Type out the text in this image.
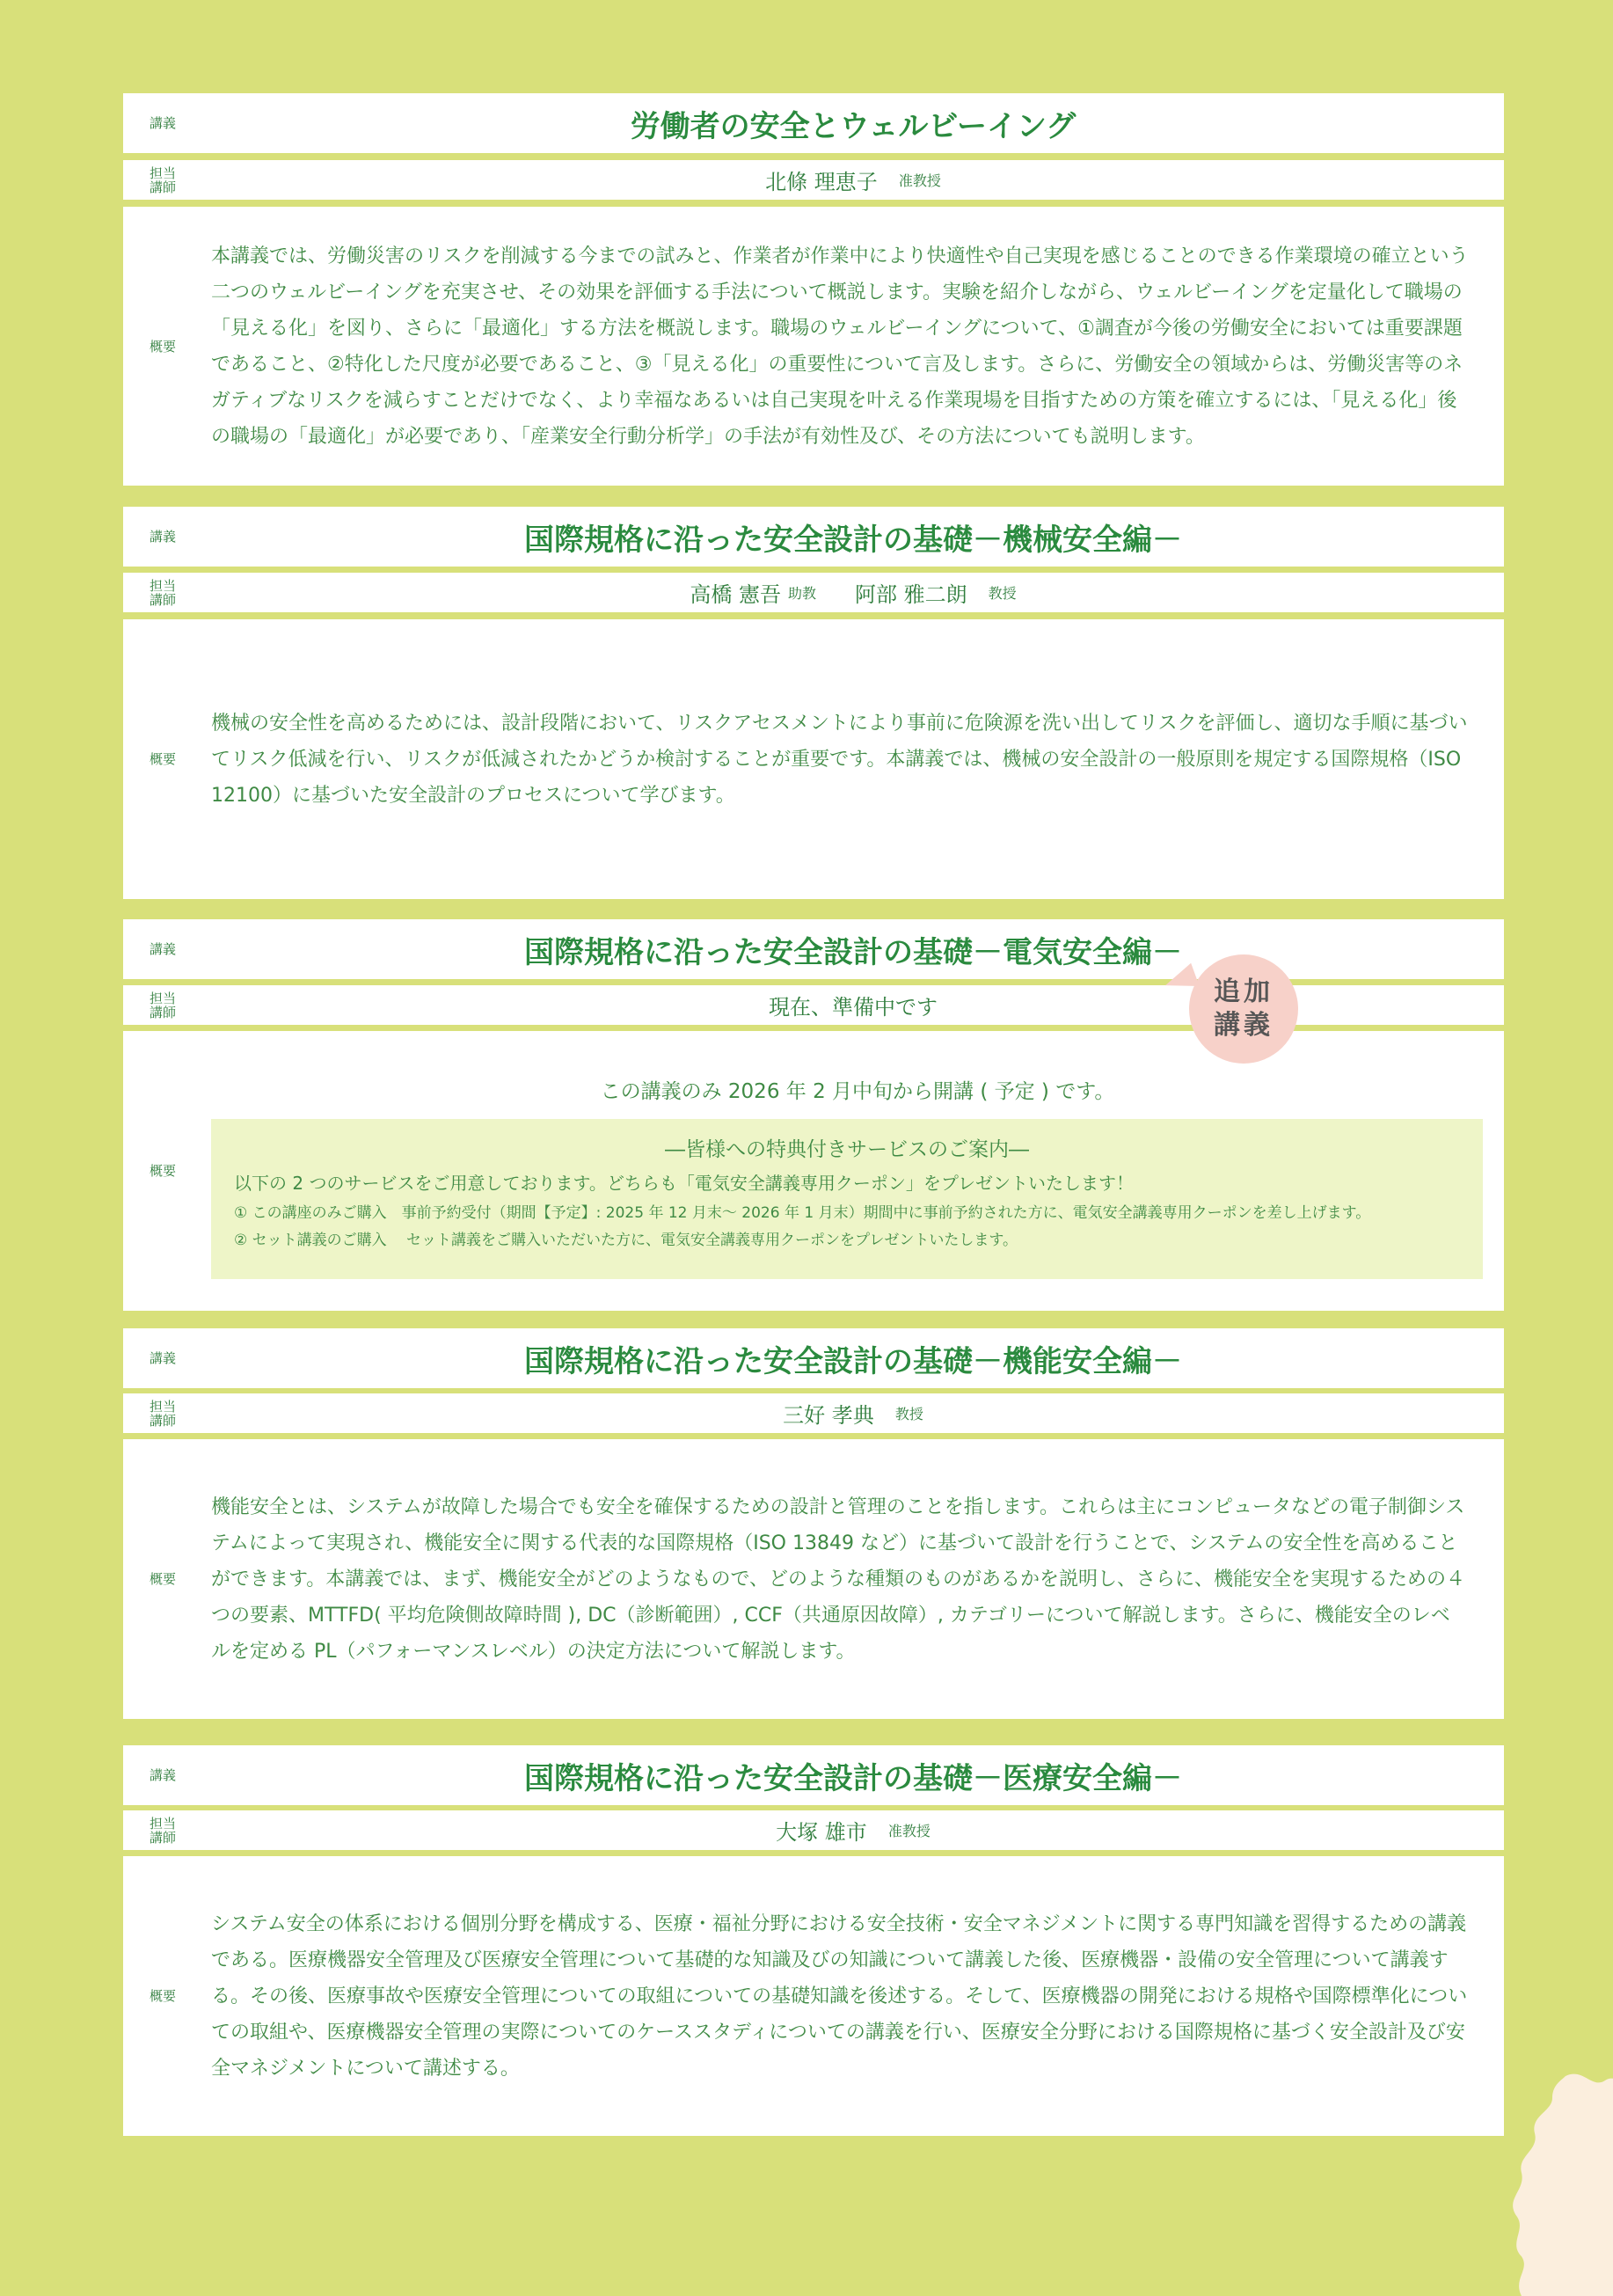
講義	労働者の安全とウェルビーイング
担当講師	北條 理恵子 准教授
概要
本講義では、労働災害のリスクを削減する今までの試みと、作業者が作業中により快適性や自己実現を感じることのできる作業環境の確立という二つのウェルビーイングを充実させ、その効果を評価する手法について概説します。実験を紹介しながら、ウェルビーイングを定量化して職場の「見える化」を図り、さらに「最適化」する方法を概説します。職場のウェルビーイングについて、①調査が今後の労働安全においては重要課題であること、②特化した尺度が必要であること、③「見える化」の重要性について言及します。さらに、労働安全の領域からは、労働災害等のネガティブなリスクを減らすことだけでなく、より幸福なあるいは自己実現を叶える作業現場を目指すための方策を確立するには、「見える化」後の職場の「最適化」が必要であり、「産業安全行動分析学」の手法が有効性及び、その方法についても説明します。
講義	国際規格に沿った安全設計の基礎－機械安全編－
担当講師	高橋 憲吾 助教 阿部 雅二朗 教授
概要
機械の安全性を高めるためには、設計段階において、リスクアセスメントにより事前に危険源を洗い出してリスクを評価し、適切な手順に基づいてリスク低減を行い、リスクが低減されたかどうか検討することが重要です。本講義では、機械の安全設計の一般原則を規定する国際規格（ISO　12100）に基づいた安全設計のプロセスについて学びます。
講義	国際規格に沿った安全設計の基礎－電気安全編－
担当講師	現在、準備中です
概要
この講義のみ 2026 年 2 月中旬から開講 ( 予定 ) です。
―皆様への特典付きサービスのご案内―
以下の 2 つのサービスをご用意しております。どちらも「電気安全講義専用クーポン」をプレゼントいたします！
① この講座のみご購入　事前予約受付（期間【予定】: 2025 年 12 月末～ 2026 年 1 月末）期間中に事前予約された方に、電気安全講義専用クーポンを差し上げます。
② セット講義のご購入　 セット講義をご購入いただいた方に、電気安全講義専用クーポンをプレゼントいたします。
追加
講義
講義	国際規格に沿った安全設計の基礎－機能安全編－
担当講師	三好 孝典 教授
概要
機能安全とは、システムが故障した場合でも安全を確保するための設計と管理のことを指します。これらは主にコンピュータなどの電子制御システムによって実現され、機能安全に関する代表的な国際規格（ISO 13849 など）に基づいて設計を行うことで、システムの安全性を高めることができます。本講義では、まず、機能安全がどのようなもので、どのような種類のものがあるかを説明し、さらに、機能安全を実現するための４つの要素、MTTFD( 平均危険側故障時間 ), DC（診断範囲）, CCF（共通原因故障）, カテゴリーについて解説します。さらに、機能安全のレベルを定める PL（パフォーマンスレベル）の決定方法について解説します。
講義	国際規格に沿った安全設計の基礎－医療安全編－
担当講師	大塚 雄市 准教授
概要
システム安全の体系における個別分野を構成する、医療・福祉分野における安全技術・安全マネジメントに関する専門知識を習得するための講義である。医療機器安全管理及び医療安全管理について基礎的な知識及びの知識について講義した後、医療機器・設備の安全管理について講義する。その後、医療事故や医療安全管理についての取組についての基礎知識を後述する。そして、医療機器の開発における規格や国際標準化についての取組や、医療機器安全管理の実際についてのケーススタディについての講義を行い、医療安全分野における国際規格に基づく安全設計及び安全マネジメントについて講述する。
